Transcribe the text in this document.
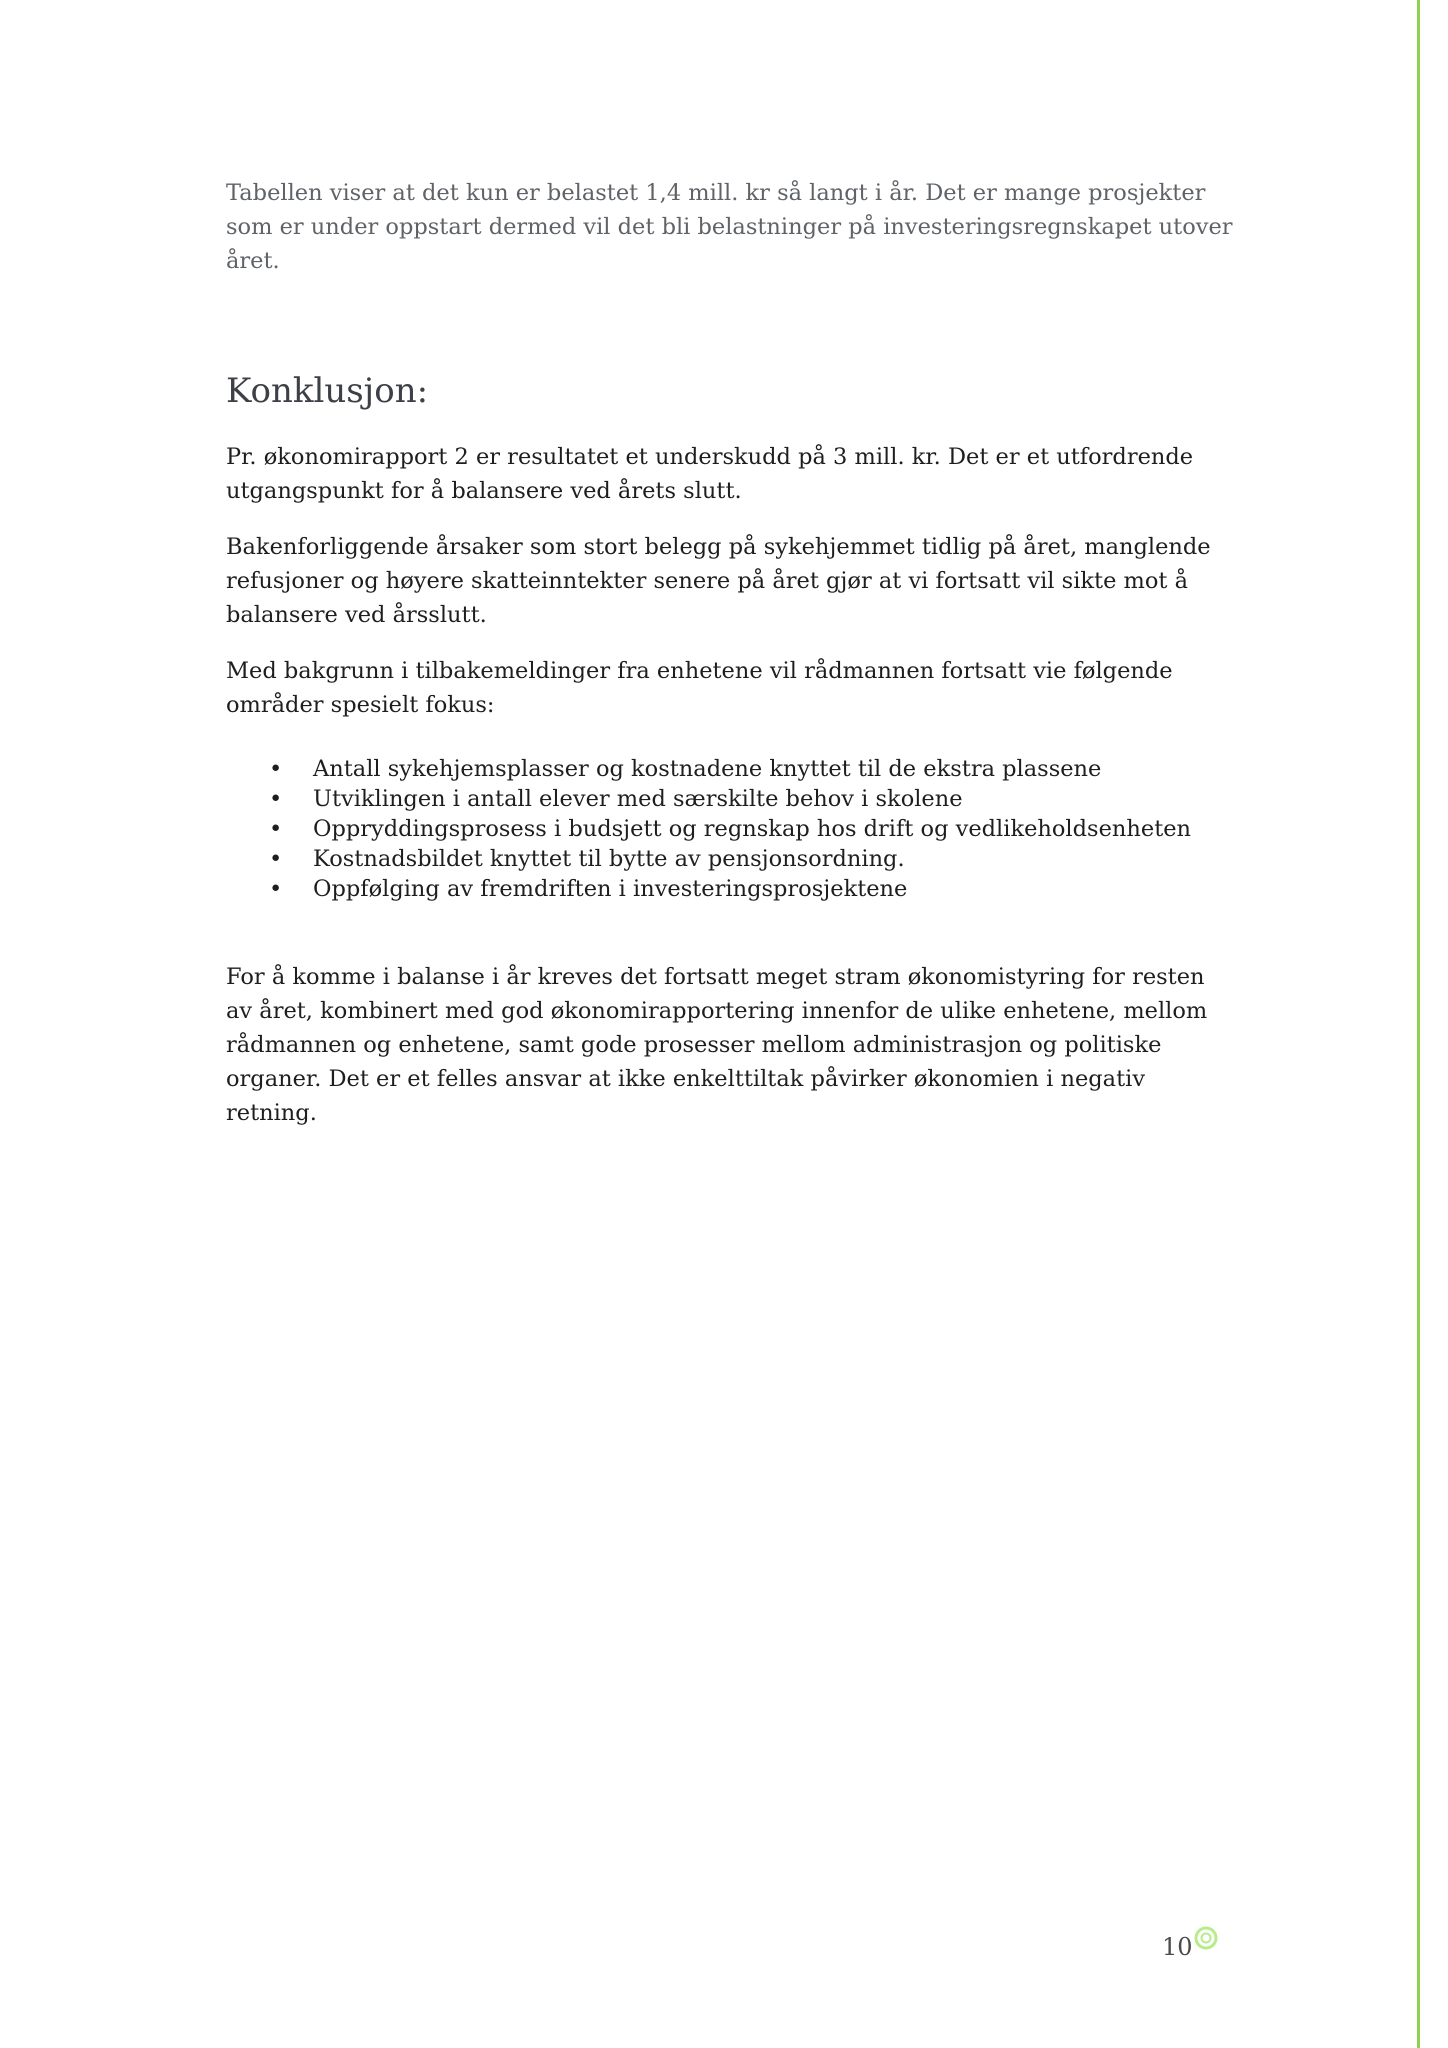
Tabellen viser at det kun er belastet 1,4 mill. kr så langt i år. Det er mange prosjekter som er under oppstart dermed vil det bli belastninger på investeringsregnskapet utover året.

Konklusjon:

Pr. økonomirapport 2 er resultatet et underskudd på 3 mill. kr. Det er et utfordrende utgangspunkt for å balansere ved årets slutt.

Bakenforliggende årsaker som stort belegg på sykehjemmet tidlig på året, manglende refusjoner og høyere skatteinntekter senere på året gjør at vi fortsatt vil sikte mot å balansere ved årsslutt.

Med bakgrunn i tilbakemeldinger fra enhetene vil rådmannen fortsatt vie følgende områder spesielt fokus:

• Antall sykehjemsplasser og kostnadene knyttet til de ekstra plassene
• Utviklingen i antall elever med særskilte behov i skolene
• Oppryddingsprosess i budsjett og regnskap hos drift og vedlikeholdsenheten
• Kostnadsbildet knyttet til bytte av pensjonsordning.
• Oppfølging av fremdriften i investeringsprosjektene

For å komme i balanse i år kreves det fortsatt meget stram økonomistyring for resten av året, kombinert med god økonomirapportering innenfor de ulike enhetene, mellom rådmannen og enhetene, samt gode prosesser mellom administrasjon og politiske organer. Det er et felles ansvar at ikke enkelttiltak påvirker økonomien i negativ retning.

10
